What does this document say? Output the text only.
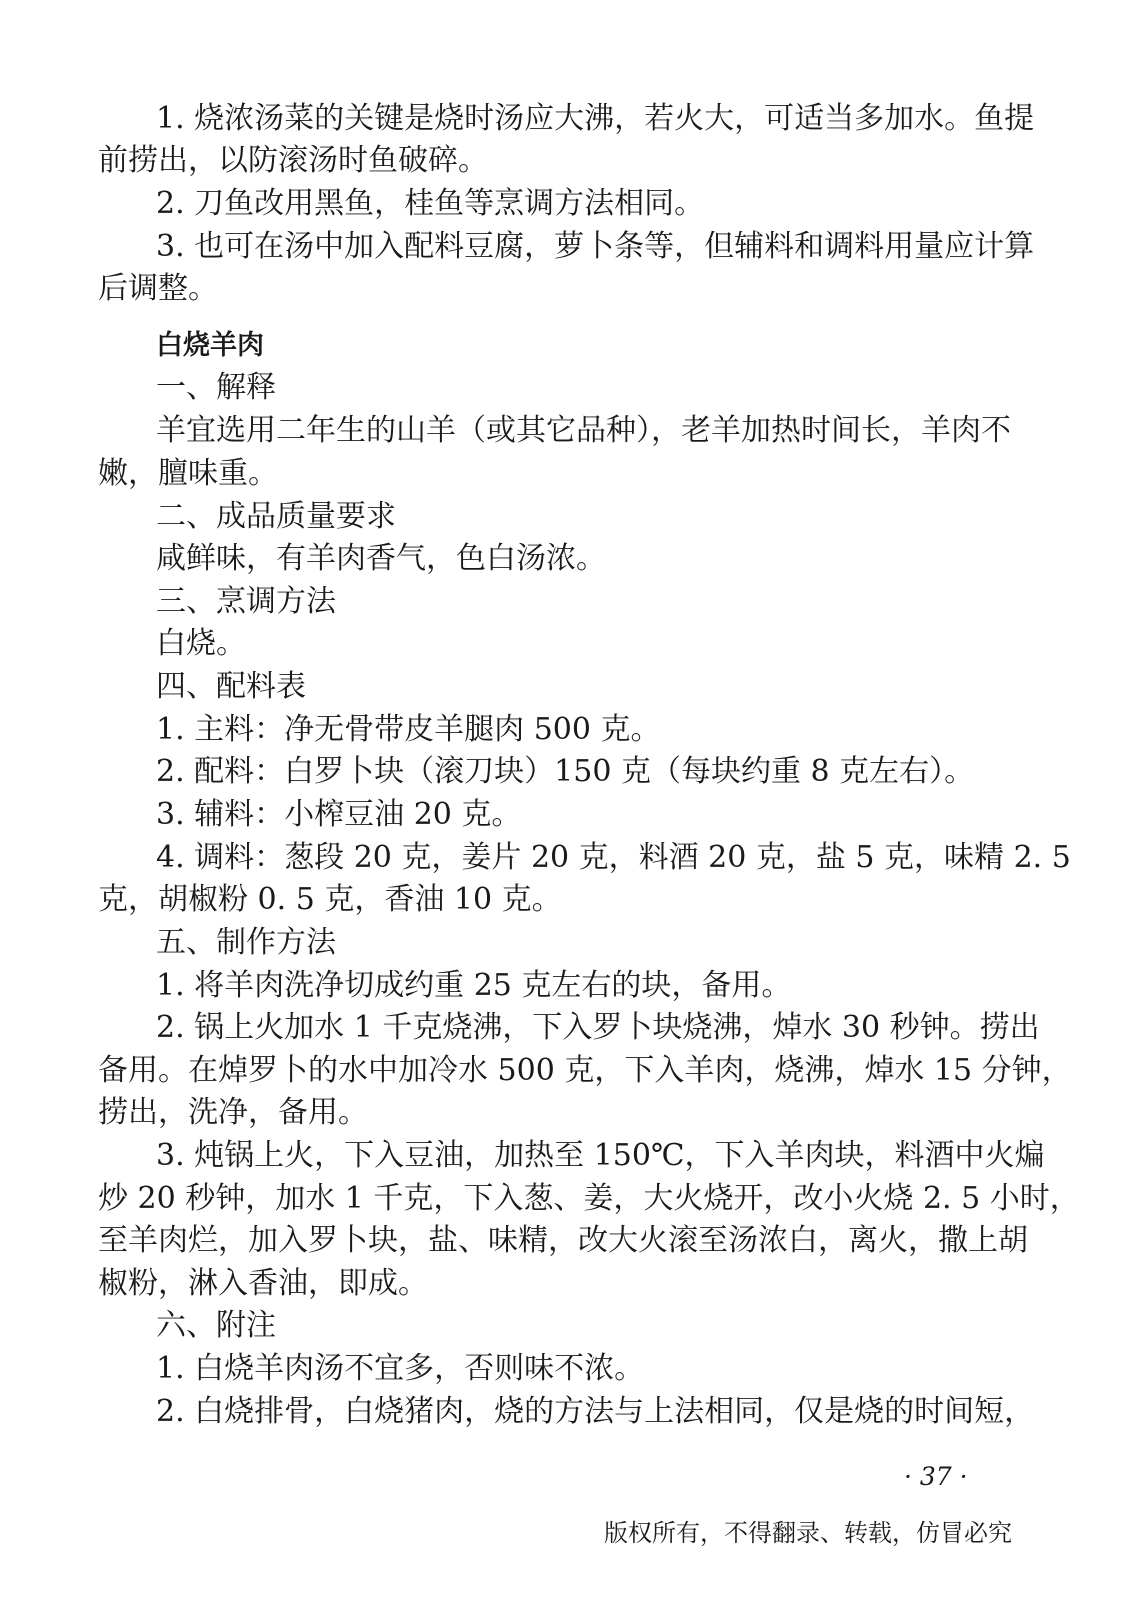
1. 烧浓汤菜的关键是烧时汤应大沸，若火大，可适当多加水。鱼提
前捞出，以防滚汤时鱼破碎。
2. 刀鱼改用黑鱼，桂鱼等烹调方法相同。
3. 也可在汤中加入配料豆腐，萝卜条等，但辅料和调料用量应计算
后调整。
白烧羊肉
一、解释
羊宜选用二年生的山羊（或其它品种），老羊加热时间长，羊肉不
嫩，膻味重。
二、成品质量要求
咸鲜味，有羊肉香气，色白汤浓。
三、烹调方法
白烧。
四、配料表
1. 主料：净无骨带皮羊腿肉 500 克。
2. 配料：白罗卜块（滚刀块）150 克（每块约重 8 克左右）。
3. 辅料：小榨豆油 20 克。
4. 调料：葱段 20 克，姜片 20 克，料酒 20 克，盐 5 克，味精 2. 5
克，胡椒粉 0. 5 克，香油 10 克。
五、制作方法
1. 将羊肉洗净切成约重 25 克左右的块，备用。
2. 锅上火加水 1 千克烧沸，下入罗卜块烧沸，焯水 30 秒钟。捞出
备用。在焯罗卜的水中加冷水 500 克，下入羊肉，烧沸，焯水 15 分钟，
捞出，洗净，备用。
3. 炖锅上火，下入豆油，加热至 150℃，下入羊肉块，料酒中火煸
炒 20 秒钟，加水 1 千克，下入葱、姜，大火烧开，改小火烧 2. 5 小时，
至羊肉烂，加入罗卜块，盐、味精，改大火滚至汤浓白，离火，撒上胡
椒粉，淋入香油，即成。
六、附注
1. 白烧羊肉汤不宜多，否则味不浓。
2. 白烧排骨，白烧猪肉，烧的方法与上法相同，仅是烧的时间短，
· 37 ·
版权所有，不得翻录、转载，仿冒必究
